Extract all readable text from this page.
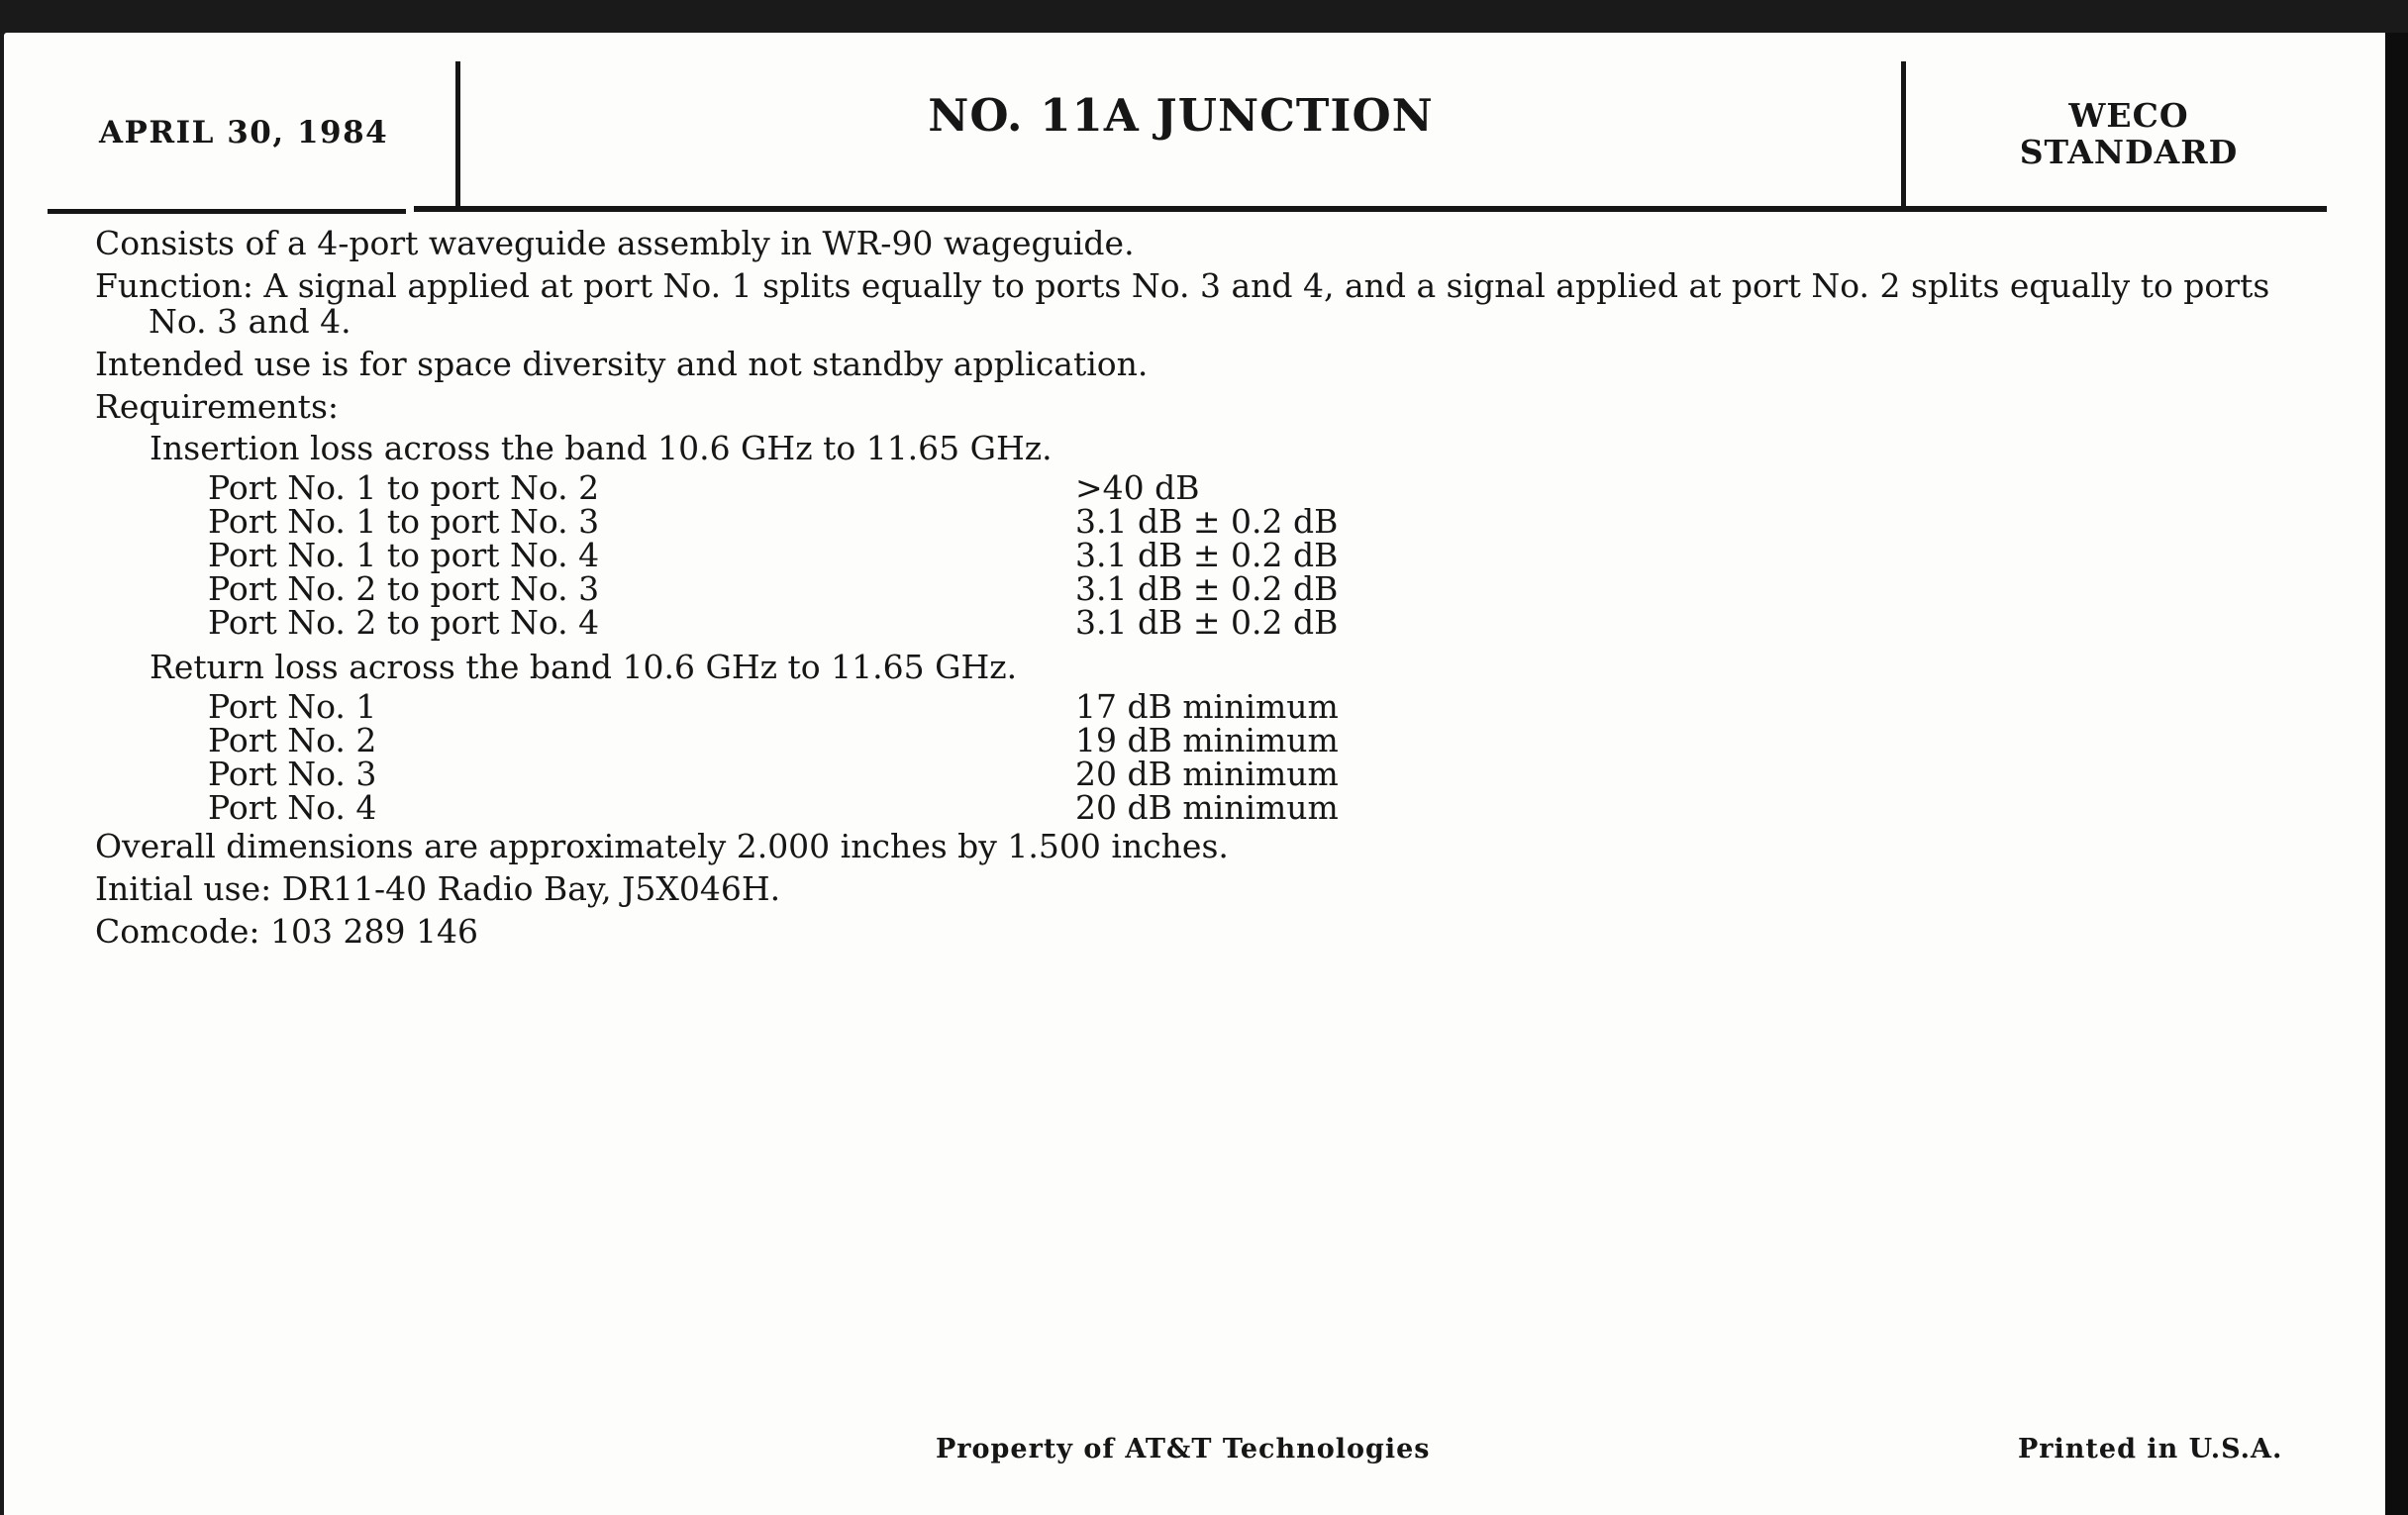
APRIL 30, 1984	NO. 11A JUNCTION	WECO
STANDARD
Consists of a 4-port waveguide assembly in WR-90 wageguide.
Function: A signal applied at port No. 1 splits equally to ports No. 3 and 4, and a signal applied at port No. 2 splits equally to ports No. 3 and 4.
Intended use is for space diversity and not standby application.
Requirements:
Insertion loss across the band 10.6 GHz to 11.65 GHz.
Port No. 1 to port No. 2	>40 dB
Port No. 1 to port No. 3	3.1 dB ± 0.2 dB
Port No. 1 to port No. 4	3.1 dB ± 0.2 dB
Port No. 2 to port No. 3	3.1 dB ± 0.2 dB
Port No. 2 to port No. 4	3.1 dB ± 0.2 dB
Return loss across the band 10.6 GHz to 11.65 GHz.
Port No. 1	17 dB minimum
Port No. 2	19 dB minimum
Port No. 3	20 dB minimum
Port No. 4	20 dB minimum
Overall dimensions are approximately 2.000 inches by 1.500 inches.
Initial use: DR11-40 Radio Bay, J5X046H.
Comcode: 103 289 146
Property of AT&T Technologies	Printed in U.S.A.
